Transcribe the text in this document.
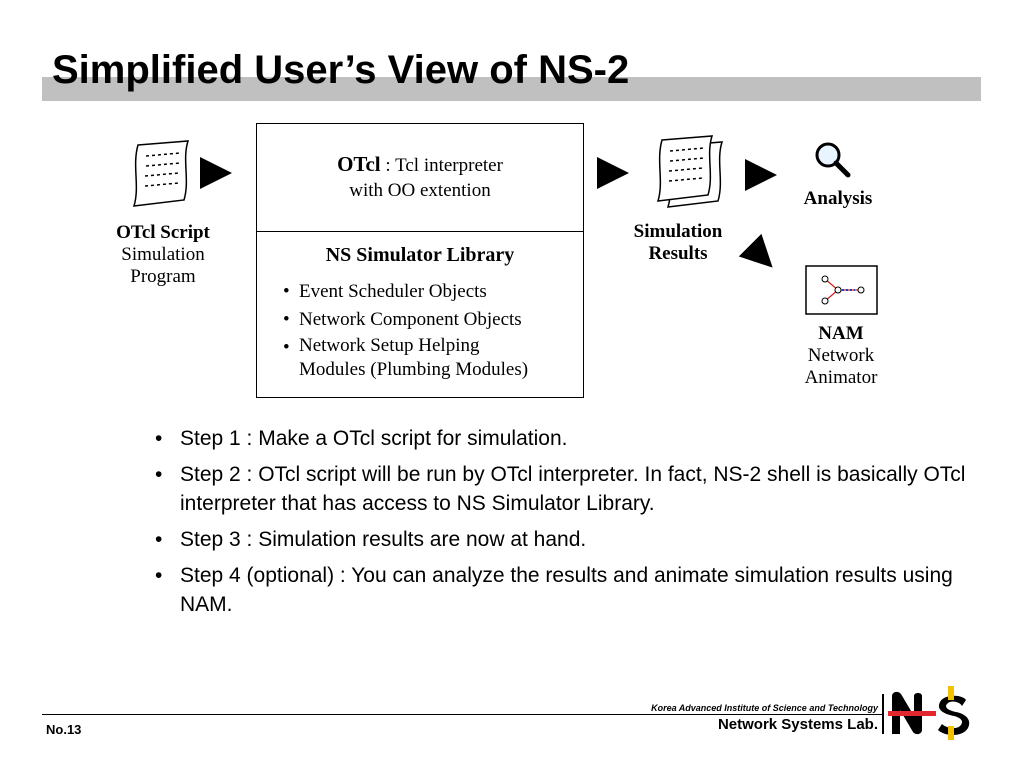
Simplified User’s View of NS-2
OTcl Script
Simulation
Program
OTcl : Tcl interpreter
with OO extention
NS Simulator Library
• Event Scheduler Objects
• Network Component Objects
• Network Setup Helping
Modules (Plumbing Modules)
Simulation
Results
Analysis
NAM
Network
Animator
• Step 1 : Make a OTcl script for simulation.
• Step 2 : OTcl script will be run by OTcl interpreter. In fact, NS-2 shell is basically OTcl interpreter that has access to NS Simulator Library.
• Step 3 : Simulation results are now at hand.
• Step 4 (optional) : You can analyze the results and animate simulation results using NAM.
No.13
Korea Advanced Institute of Science and Technology
Network Systems Lab.
